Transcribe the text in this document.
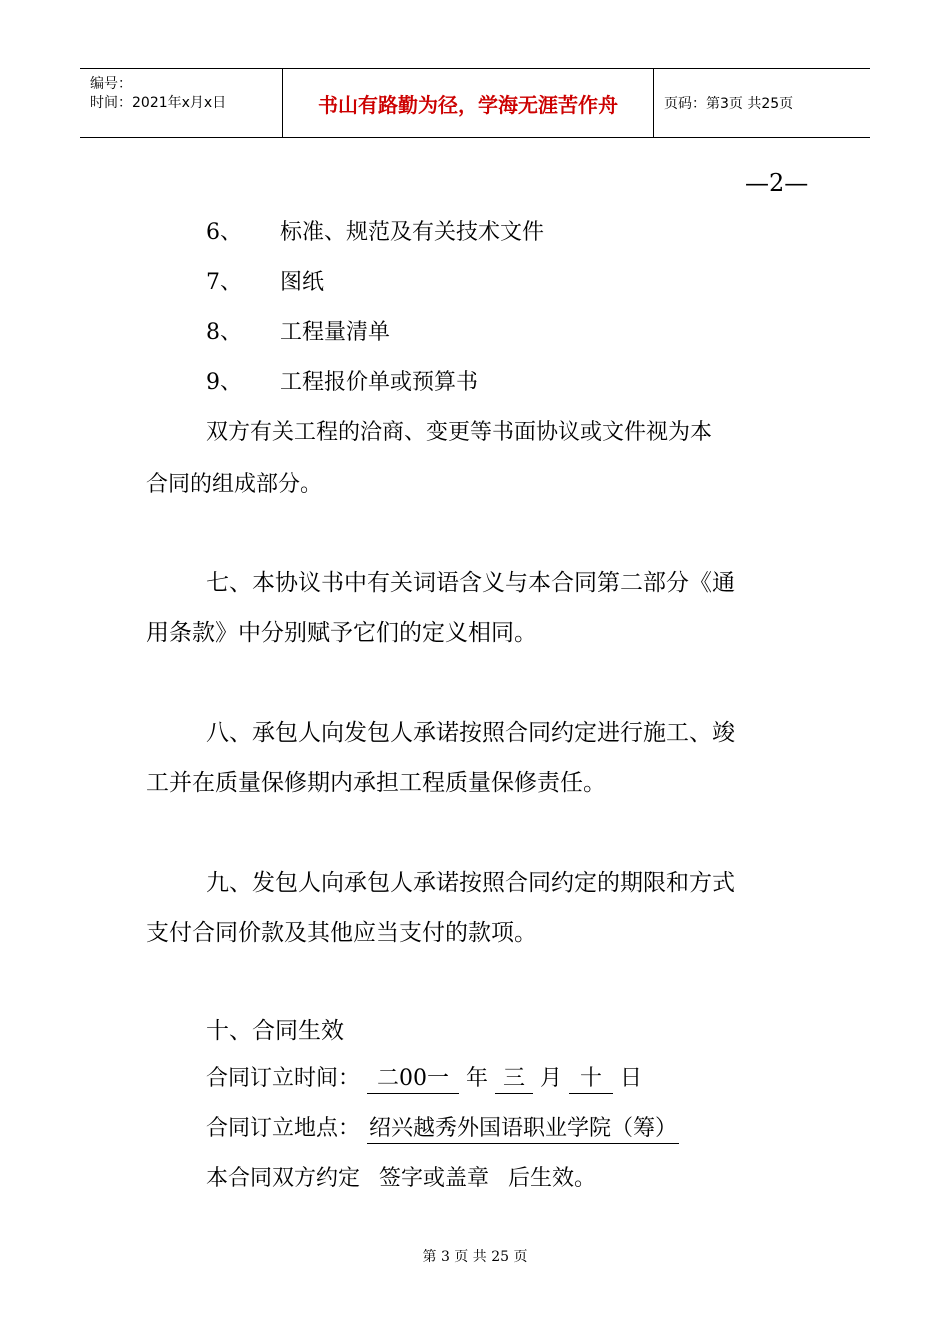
编号：
时间：2021年x月x日	书山有路勤为径，学海无涯苦作舟	页码：第3页 共25页
—2—
6、 标准、规范及有关技术文件
7、 图纸
8、 工程量清单
9、 工程报价单或预算书
双方有关工程的洽商、变更等书面协议或文件视为本
合同的组成部分。
七、本协议书中有关词语含义与本合同第二部分《通
用条款》中分别赋予它们的定义相同。
八、承包人向发包人承诺按照合同约定进行施工、竣
工并在质量保修期内承担工程质量保修责任。
九、发包人向承包人承诺按照合同约定的期限和方式
支付合同价款及其他应当支付的款项。
十、合同生效
合同订立时间： 二00一 年 三 月 十 日
合同订立地点： 绍兴越秀外国语职业学院（筹）
本合同双方约定 签字或盖章 后生效。
第 3 页 共 25 页
